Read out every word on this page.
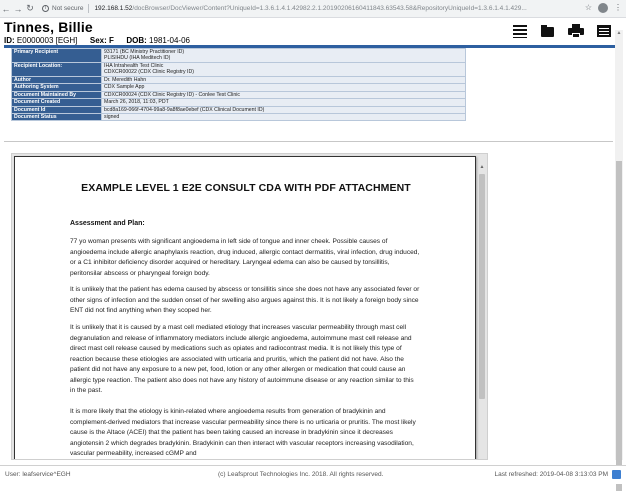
← → ↻	i Not secure 192.168.1.52/docBrowser/DocViewer/Content?UniqueId=1.3.6.1.4.1.42982.2.1.20190206160411843.63543.58&RepositoryUniqueId=1.3.6.1.4.1.429...	☆	⋮
Tinnes, Billie
ID: E0000003 [EGH] Sex: F DOB: 1981-04-06
Primary Recipient	93171 (BC Ministry Practitioner ID)
PLISIHDU (IHA Meditech ID)
Recipient Location:	IHA Intrahealth Test Clinic
CDXCR00022 (CDX Clinic Registry ID)
Author	Dr. Meredith Hahn
Authoring System	CDX Sample App
Document Maintained By	CDXCR00024 (CDX Clinic Registry ID) - Conlee Test Clinic
Document Created	March 26, 2018, 11:03, PDT
Document Id	bcd8a169-066f-4704-99a8-9a8f8ae0ebef (CDX Clinical Document ID)
Document Status	signed
EXAMPLE LEVEL 1 E2E CONSULT CDA WITH PDF ATTACHMENT
Assessment and Plan:
77 yo woman presents with significant angioedema in left side of tongue and inner cheek. Possible causes of angioedema include allergic anaphylaxis reaction, drug induced, allergic contact dermatitis, viral infection, drug induced, or a C1 inhibitor deficiency disorder acquired or hereditary. Laryngeal edema can also be caused by tonsillitis, peritonsilar abscess or pharyngeal foreign body.
It is unlikely that the patient has edema caused by abscess or tonsillitis since she does not have any associated fever or other signs of infection and the sudden onset of her swelling also argues against this. It is not likely a foreign body since ENT did not find anything when they scoped her.
It is unlikely that it is caused by a mast cell mediated etiology that increases vascular permeability through mast cell degranulation and release of inflammatory mediators include allergic angioedema, autoimmune mast cell release and direct mast cell release caused by medications such as opiates and radiocontrast media. It is not likely this type of reaction because these etiologies are associated with urticaria and pruritis, which the patient did not have. Also the patient did not have any exposure to a new pet, food, lotion or any other allergen or medication that could cause an allergic type reaction. The patient also does not have any history of autoimmune disease or any reaction similar to this in the past.
It is more likely that the etiology is kinin-related where angioedema results from generation of bradykinin and complement-derived mediators that increase vascular permeability since there is no urticaria or pruritis. The most likely cause is the Altace (ACEI) that the patient has been taking caused an increase in bradykinin since it decreases angiotensin 2 which degrades bradykinin. Bradykinin can then interact with vascular receptors increasing vasodilation, vascular permeability, increased cGMP and
▲
▲
User: leafservice^EGH	(c) Leafsprout Technologies Inc. 2018. All rights reserved.	Last refreshed: 2019-04-08 3:13:03 PM
